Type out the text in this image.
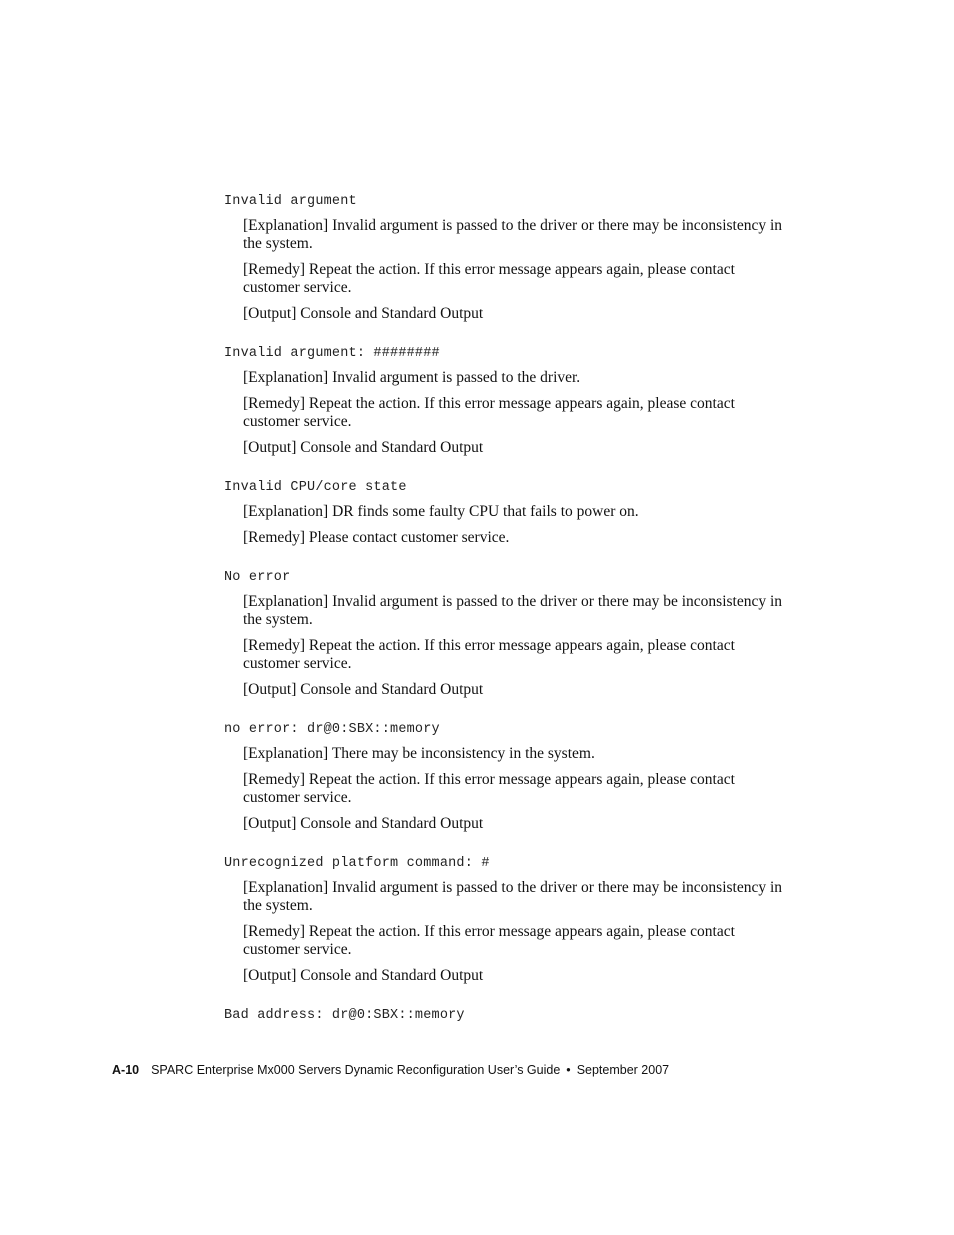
Invalid argument

[Explanation] Invalid argument is passed to the driver or there may be inconsistency in the system.

[Remedy] Repeat the action. If this error message appears again, please contact customer service.

[Output] Console and Standard Output

Invalid argument: ########

[Explanation] Invalid argument is passed to the driver.

[Remedy] Repeat the action. If this error message appears again, please contact customer service.

[Output] Console and Standard Output

Invalid CPU/core state

[Explanation] DR finds some faulty CPU that fails to power on.

[Remedy] Please contact customer service.

No error

[Explanation] Invalid argument is passed to the driver or there may be inconsistency in the system.

[Remedy] Repeat the action. If this error message appears again, please contact customer service.

[Output] Console and Standard Output

no error: dr@0:SBX::memory

[Explanation] There may be inconsistency in the system.

[Remedy] Repeat the action. If this error message appears again, please contact customer service.

[Output] Console and Standard Output

Unrecognized platform command: #

[Explanation] Invalid argument is passed to the driver or there may be inconsistency in the system.

[Remedy] Repeat the action. If this error message appears again, please contact customer service.

[Output] Console and Standard Output

Bad address: dr@0:SBX::memory
A-10 SPARC Enterprise Mx000 Servers Dynamic Reconfiguration User’s Guide • September 2007
